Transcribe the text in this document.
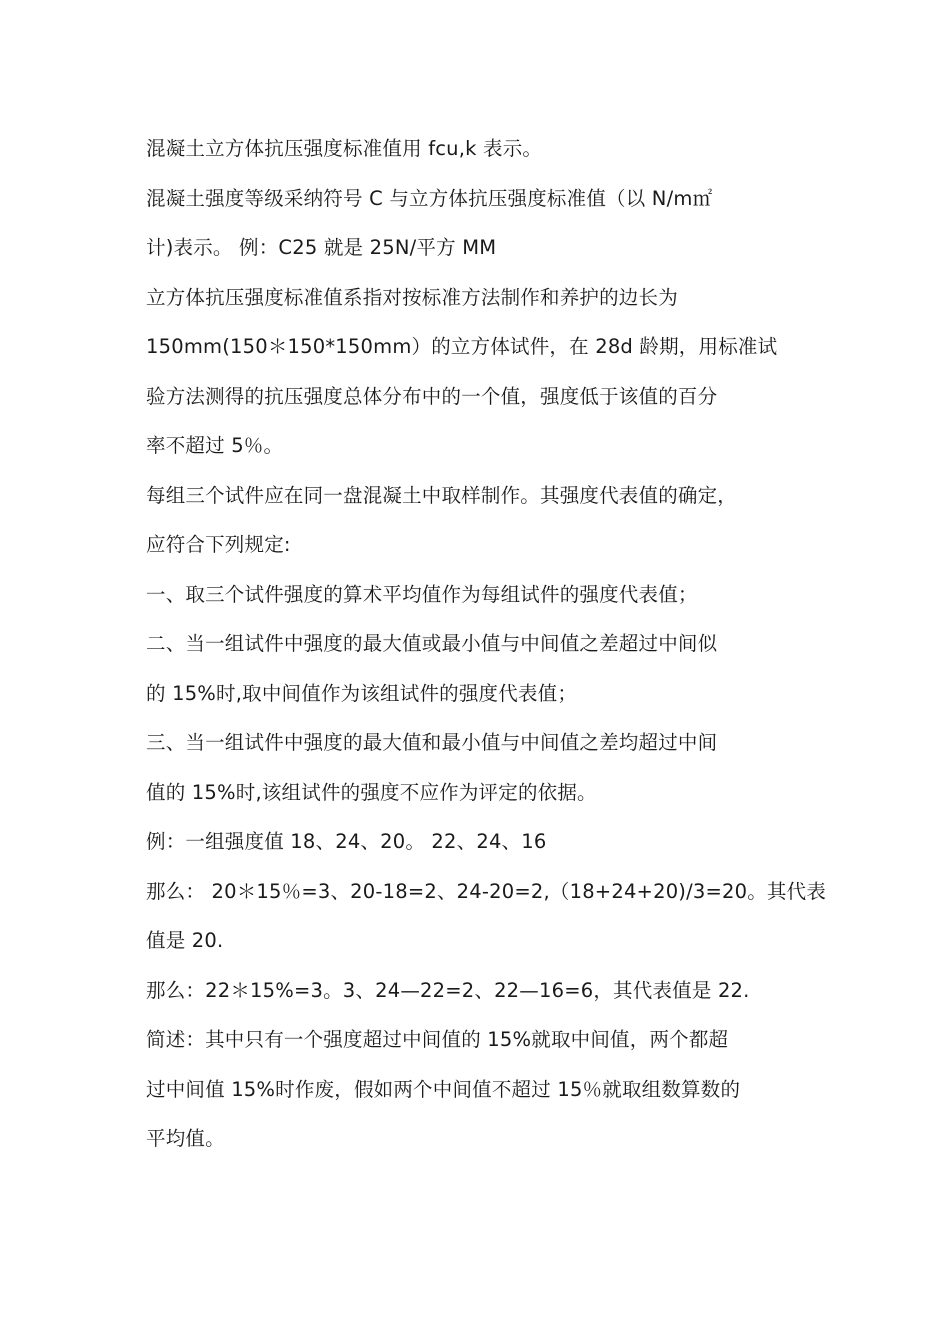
混凝土立方体抗压强度标准值用 fcu,k 表示。
混凝土强度等级采纳符号 C 与立方体抗压强度标准值（以 N/m㎡
计)表示。 例：C25 就是 25N/平方 MM
立方体抗压强度标准值系指对按标准方法制作和养护的边长为
150mm(150＊150*150mm）的立方体试件，在 28d 龄期，用标准试
验方法测得的抗压强度总体分布中的一个值，强度低于该值的百分
率不超过 5％。
每组三个试件应在同一盘混凝土中取样制作。其强度代表值的确定，
应符合下列规定:
一、取三个试件强度的算术平均值作为每组试件的强度代表值；
二、当一组试件中强度的最大值或最小值与中间值之差超过中间似
的 15%时,取中间值作为该组试件的强度代表值；
三、当一组试件中强度的最大值和最小值与中间值之差均超过中间
值的 15%时,该组试件的强度不应作为评定的依据。
例：一组强度值 18、24、20。 22、24、16
那么： 20＊15％=3、20-18=2、24-20=2,（18+24+20)/3=20。其代表
值是 20.
那么：22＊15%=3。3、24—22=2、22—16=6，其代表值是 22.
简述：其中只有一个强度超过中间值的 15%就取中间值，两个都超
过中间值 15%时作废，假如两个中间值不超过 15％就取组数算数的
平均值。
